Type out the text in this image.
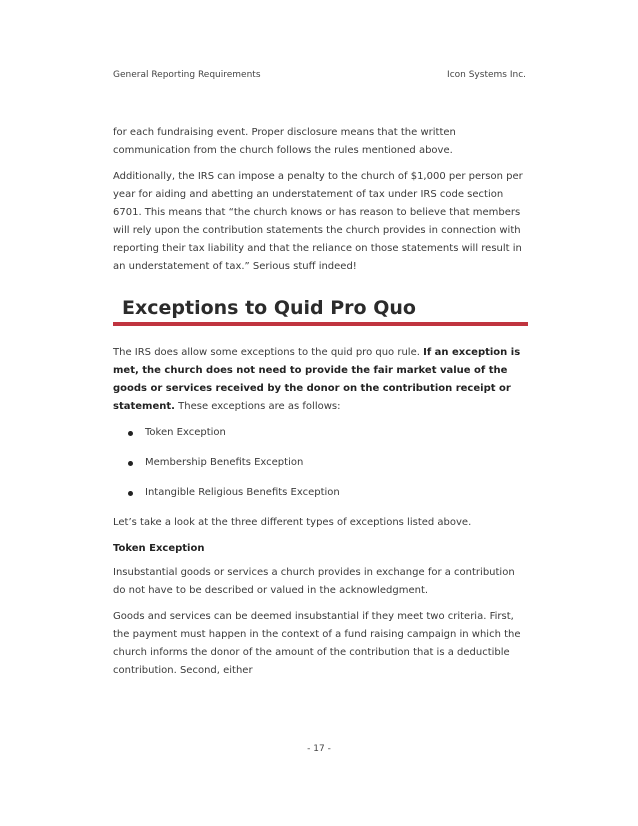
General Reporting Requirements	Icon Systems Inc.

for each fundraising event. Proper disclosure means that the written communication from the church follows the rules mentioned above.

Additionally, the IRS can impose a penalty to the church of $1,000 per person per year for aiding and abetting an understatement of tax under IRS code section 6701. This means that “the church knows or has reason to believe that members will rely upon the contribution statements the church provides in connection with reporting their tax liability and that the reliance on those statements will result in an understatement of tax.” Serious stuff indeed!

Exceptions to Quid Pro Quo

The IRS does allow some exceptions to the quid pro quo rule. If an exception is met, the church does not need to provide the fair market value of the goods or services received by the donor on the contribution receipt or statement. These exceptions are as follows:

Token Exception
Membership Benefits Exception
Intangible Religious Benefits Exception

Let’s take a look at the three different types of exceptions listed above.

Token Exception

Insubstantial goods or services a church provides in exchange for a contribution do not have to be described or valued in the acknowledgment.

Goods and services can be deemed insubstantial if they meet two criteria. First, the payment must happen in the context of a fund raising campaign in which the church informs the donor of the amount of the contribution that is a deductible contribution. Second, either

- 17 -
